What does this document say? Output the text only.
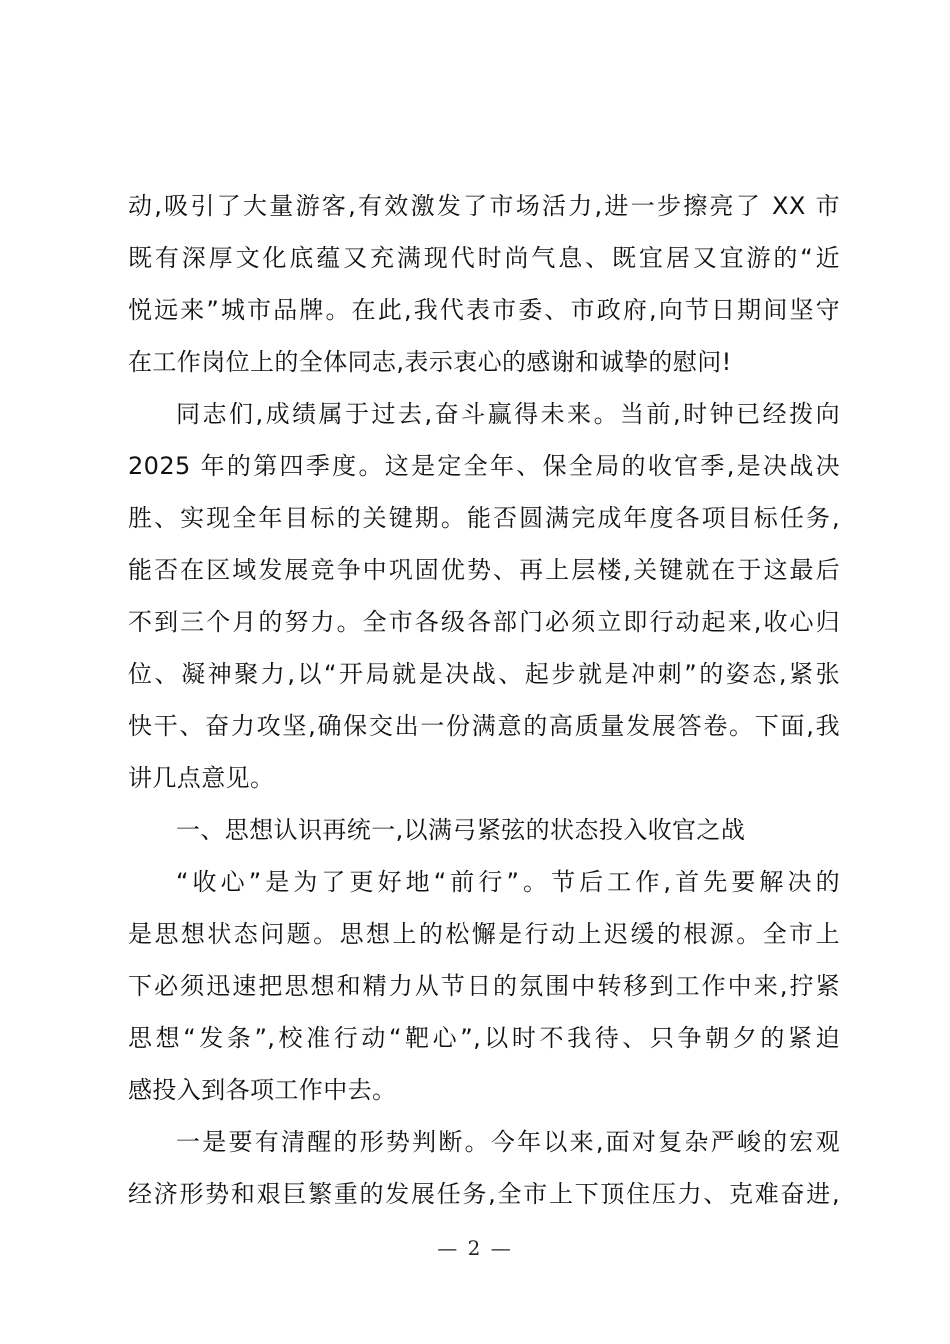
动,吸引了大量游客,有效激发了市场活力,进一步擦亮了 XX 市
既有深厚文化底蕴又充满现代时尚气息、既宜居又宜游的“近
悦远来”城市品牌。在此,我代表市委、市政府,向节日期间坚守
在工作岗位上的全体同志,表示衷心的感谢和诚挚的慰问!
同志们,成绩属于过去,奋斗赢得未来。当前,时钟已经拨向
2025 年的第四季度。这是定全年、保全局的收官季,是决战决
胜、实现全年目标的关键期。能否圆满完成年度各项目标任务,
能否在区域发展竞争中巩固优势、再上层楼,关键就在于这最后
不到三个月的努力。全市各级各部门必须立即行动起来,收心归
位、凝神聚力,以“开局就是决战、起步就是冲刺”的姿态,紧张
快干、奋力攻坚,确保交出一份满意的高质量发展答卷。下面,我
讲几点意见。
一、思想认识再统一,以满弓紧弦的状态投入收官之战
“收心”是为了更好地“前行”。节后工作,首先要解决的
是思想状态问题。思想上的松懈是行动上迟缓的根源。全市上
下必须迅速把思想和精力从节日的氛围中转移到工作中来,拧紧
思想“发条”,校准行动“靶心”,以时不我待、只争朝夕的紧迫
感投入到各项工作中去。
一是要有清醒的形势判断。今年以来,面对复杂严峻的宏观
经济形势和艰巨繁重的发展任务,全市上下顶住压力、克难奋进,
— 2 —
